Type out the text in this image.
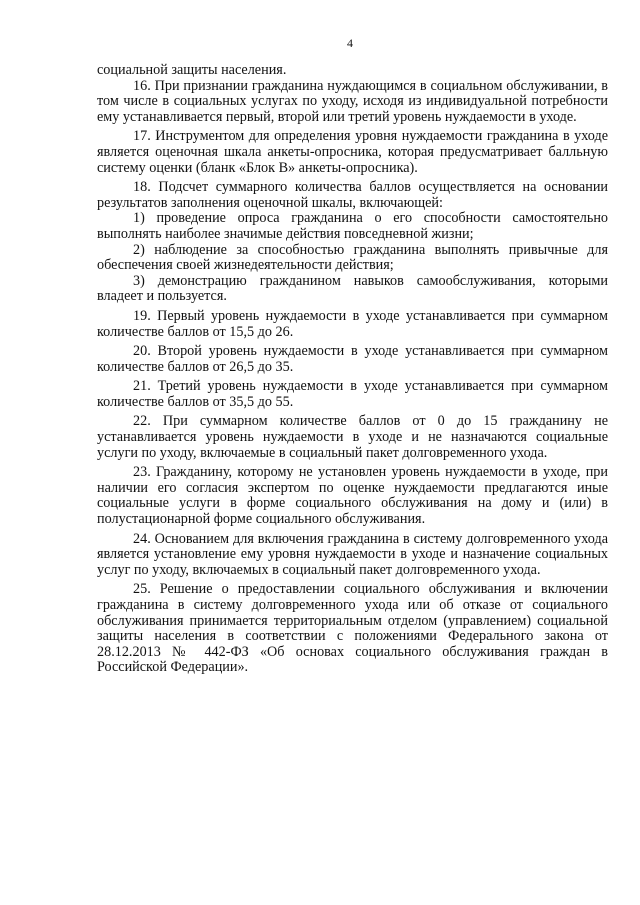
4

социальной защиты населения.

16. При признании гражданина нуждающимся в социальном обслуживании, в том числе в социальных услугах по уходу, исходя из индивидуальной потребности ему устанавливается первый, второй или третий уровень нуждаемости в уходе.

17. Инструментом для определения уровня нуждаемости гражданина в уходе является оценочная шкала анкеты-опросника, которая предусматривает балльную систему оценки (бланк «Блок В» анкеты-опросника).

18. Подсчет суммарного количества баллов осуществляется на основании результатов заполнения оценочной шкалы, включающей:

1) проведение опроса гражданина о его способности самостоятельно выполнять наиболее значимые действия повседневной жизни;

2) наблюдение за способностью гражданина выполнять привычные для обеспечения своей жизнедеятельности действия;

3) демонстрацию гражданином навыков самообслуживания, которыми владеет и пользуется.

19. Первый уровень нуждаемости в уходе устанавливается при суммарном количестве баллов от 15,5 до 26.

20. Второй уровень нуждаемости в уходе устанавливается при суммарном количестве баллов от 26,5 до 35.

21. Третий уровень нуждаемости в уходе устанавливается при суммарном количестве баллов от 35,5 до 55.

22. При суммарном количестве баллов от 0 до 15 гражданину не устанавливается уровень нуждаемости в уходе и не назначаются социальные услуги по уходу, включаемые в социальный пакет долговременного ухода.

23. Гражданину, которому не установлен уровень нуждаемости в уходе, при наличии его согласия экспертом по оценке нуждаемости предлагаются иные социальные услуги в форме социального обслуживания на дому и (или) в полустационарной форме социального обслуживания.

24. Основанием для включения гражданина в систему долговременного ухода является установление ему уровня нуждаемости в уходе и назначение социальных услуг по уходу, включаемых в социальный пакет долговременного ухода.

25. Решение о предоставлении социального обслуживания и включении гражданина в систему долговременного ухода или об отказе от социального обслуживания принимается территориальным отделом (управлением) социальной защиты населения в соответствии с положениями Федерального закона от 28.12.2013 № 442-ФЗ «Об основах социального обслуживания граждан в Российской Федерации».
